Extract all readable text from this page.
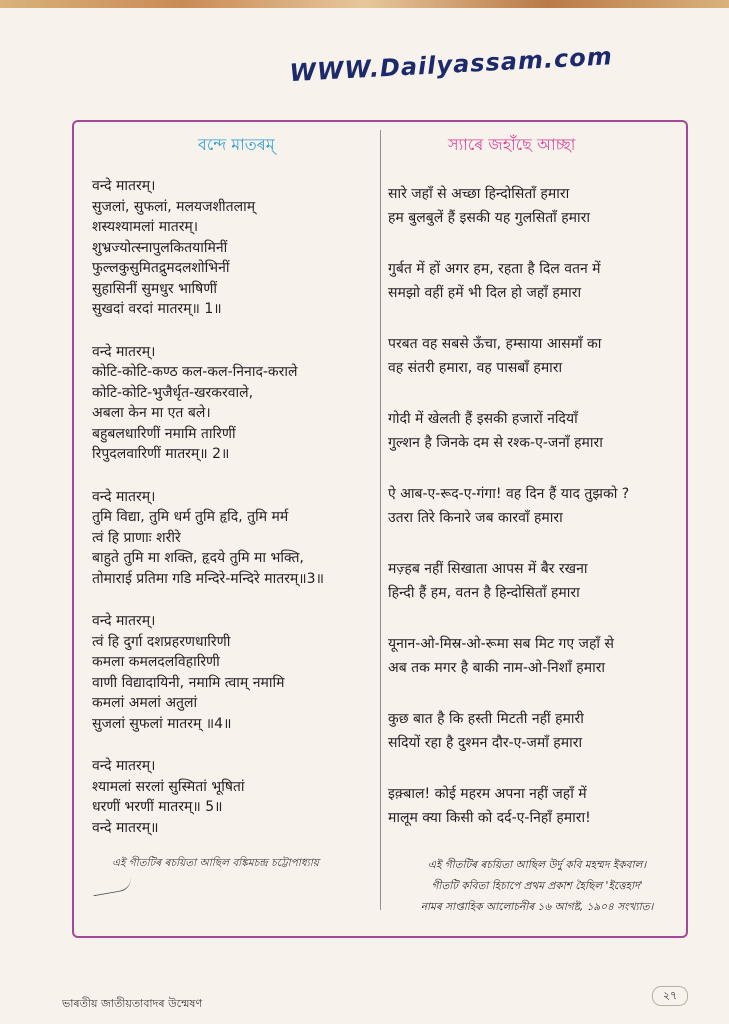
WWW.Dailyassam.com
বন্দে মাতৰম্	স্যাৰে জহাঁছে আচ্ছা
वन्दे मातरम्।
सुजलां, सुफलां, मलयजशीतलाम्
शस्यश्यामलां मातरम्।
शुभ्रज्योत्स्नापुलकितयामिनीं
फुल्लकुसुमितद्रुमदलशोभिनीं
सुहासिनीं सुमधुर भाषिणीं
सुखदां वरदां मातरम्॥ 1॥
वन्दे मातरम्।
कोटि-कोटि-कण्ठ कल-कल-निनाद-कराले
कोटि-कोटि-भुजैर्धृत-खरकरवाले,
अबला केन मा एत बले।
बहुबलधारिणीं नमामि तारिणीं
रिपुदलवारिणीं मातरम्॥ 2॥
वन्दे मातरम्।
तुमि विद्या, तुमि धर्म तुमि हृदि, तुमि मर्म
त्वं हि प्राणाः शरीरे
बाहुते तुमि मा शक्ति, हृदये तुमि मा भक्ति,
तोमाराई प्रतिमा गडि मन्दिरे-मन्दिरे मातरम्॥3॥
वन्दे मातरम्।
त्वं हि दुर्गा दशप्रहरणधारिणी
कमला कमलदलविहारिणी
वाणी विद्यादायिनी, नमामि त्वाम् नमामि
कमलां अमलां अतुलां
सुजलां सुफलां मातरम् ॥4॥
वन्दे मातरम्।
श्यामलां सरलां सुस्मितां भूषितां
धरणीं भरणीं मातरम्॥ 5॥
वन्दे मातरम्॥
सारे जहाँ से अच्छा हिन्दोसिताँ हमारा
हम बुलबुलें हैं इसकी यह गुलसिताँ हमारा
गुर्बत में हों अगर हम, रहता है दिल वतन में
समझो वहीं हमें भी दिल हो जहाँ हमारा
परबत वह सबसे ऊँचा, हम्साया आसमाँ का
वह संतरी हमारा, वह पासबाँ हमारा
गोदी में खेलती हैं इसकी हजारों नदियाँ
गुल्शन है जिनके दम से रश्क-ए-जनाँ हमारा
ऐ आब-ए-रूद-ए-गंगा! वह दिन हैं याद तुझको ?
उतरा तिरे किनारे जब कारवाँ हमारा
मज़्हब नहीं सिखाता आपस में बैर रखना
हिन्दी हैं हम, वतन है हिन्दोसिताँ हमारा
यूनान-ओ-मिस्र-ओ-रूमा सब मिट गए जहाँ से
अब तक मगर है बाकी नाम-ओ-निशाँ हमारा
कुछ बात है कि हस्ती मिटती नहीं हमारी
सदियों रहा है दुश्मन दौर-ए-जमाँ हमारा
इक़्बाल! कोई महरम अपना नहीं जहाँ में
मालूम क्या किसी को दर्द-ए-निहाँ हमारा!
এই গীতটিৰ ৰচয়িতা আছিল বঙ্কিমচন্দ্ৰ চট্টোপাধ্যায়	এই গীতটিৰ ৰচয়িতা আছিল উৰ্দু কবি মহম্মদ ইকবাল।
গীতটি কবিতা হিচাপে প্ৰথম প্ৰকাশ হৈছিল 'ইত্তেহাদ'
নামৰ সাপ্তাহিক আলোচনীৰ ১৬ আগষ্ট, ১৯০৪ সংখ্যাত।
ভাৰতীয় জাতীয়তাবাদৰ উন্মেষণ
২৭
